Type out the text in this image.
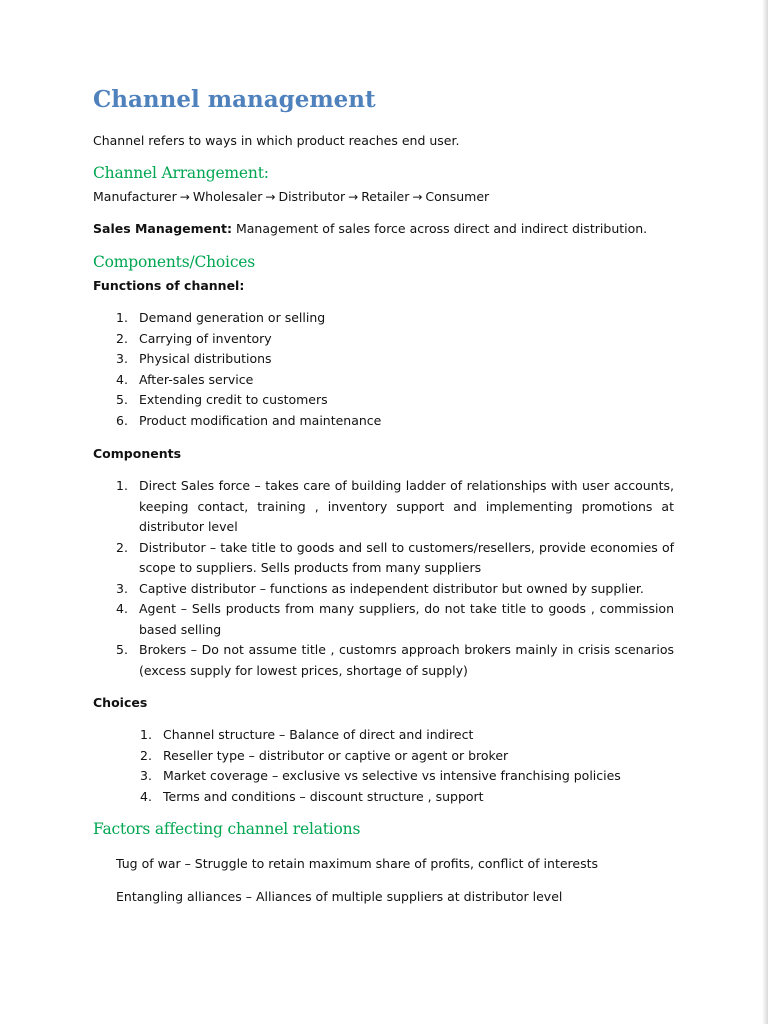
Channel management

Channel refers to ways in which product reaches end user.

Channel Arrangement:

Manufacturer → Wholesaler → Distributor → Retailer → Consumer

Sales Management: Management of sales force across direct and indirect distribution.

Components/Choices

Functions of channel:

1. Demand generation or selling
2. Carrying of inventory
3. Physical distributions
4. After-sales service
5. Extending credit to customers
6. Product modification and maintenance

Components

1. Direct Sales force – takes care of building ladder of relationships with user accounts, keeping contact, training , inventory support and implementing promotions at distributor level
2. Distributor – take title to goods and sell to customers/resellers, provide economies of scope to suppliers. Sells products from many suppliers
3. Captive distributor – functions as independent distributor but owned by supplier.
4. Agent – Sells products from many suppliers, do not take title to goods , commission based selling
5. Brokers – Do not assume title , customrs approach brokers mainly in crisis scenarios (excess supply for lowest prices, shortage of supply)

Choices

1. Channel structure – Balance of direct and indirect
2. Reseller type – distributor or captive or agent or broker
3. Market coverage – exclusive vs selective vs intensive franchising policies
4. Terms and conditions – discount structure , support
Factors affecting channel relations

Tug of war – Struggle to retain maximum share of profits, conflict of interests

Entangling alliances – Alliances of multiple suppliers at distributor level
